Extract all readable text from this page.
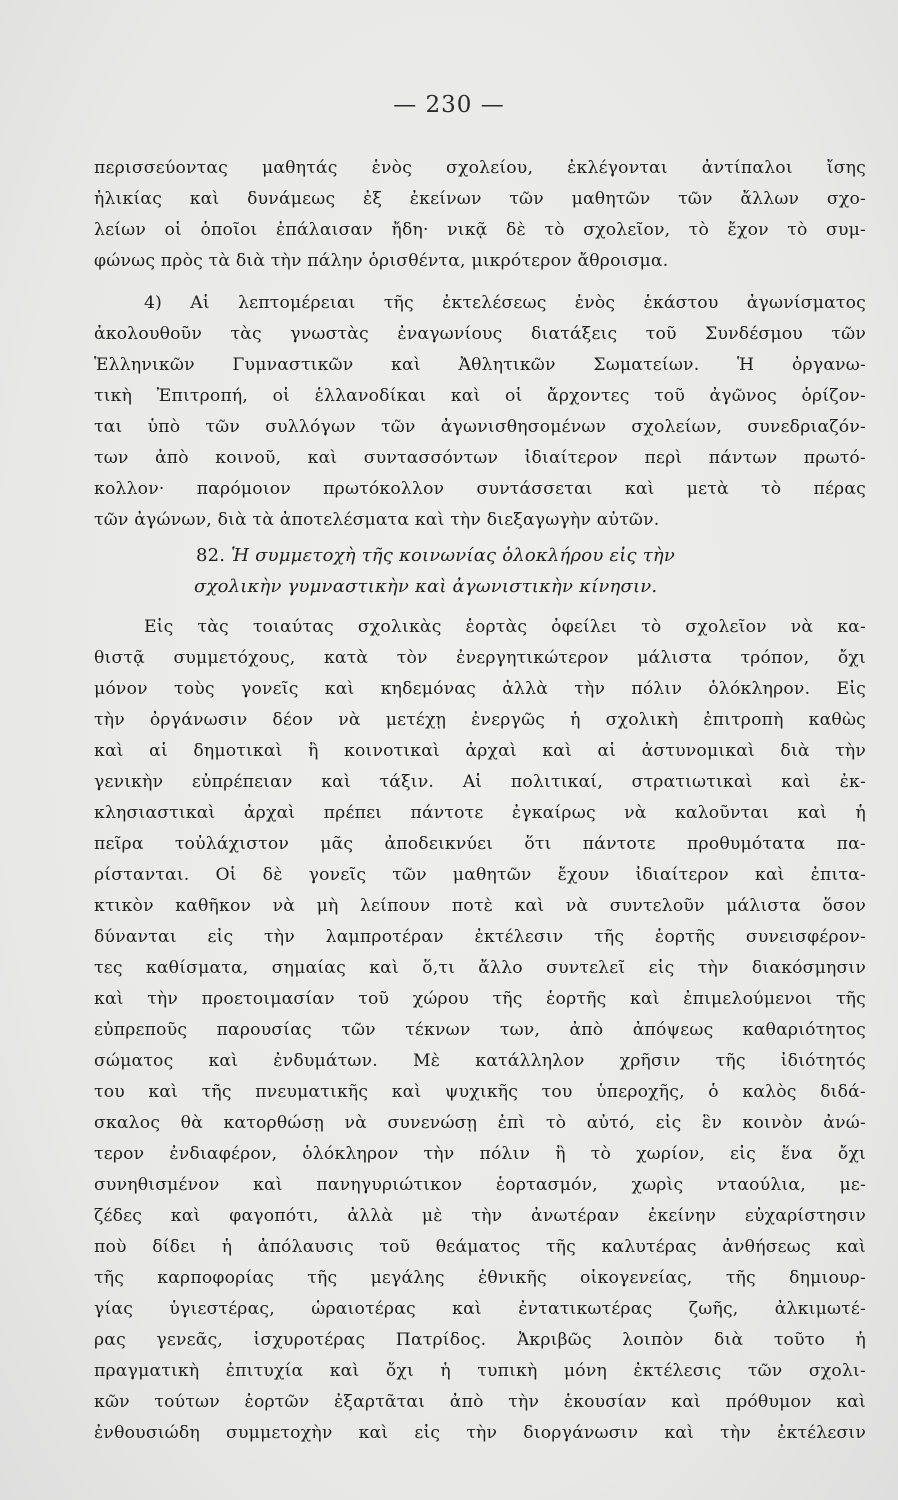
— 230 —
περισσεύοντας μαθητάς ἑνὸς σχολείου, ἐκλέγονται ἀντίπαλοι ἴσης
ἡλικίας καὶ δυνάμεως ἐξ ἐκείνων τῶν μαθητῶν τῶν ἄλλων σχο-
λείων οἱ ὁποῖοι ἐπάλαισαν ἤδη· νικᾷ δὲ τὸ σχολεῖον, τὸ ἔχον τὸ συμ-
φώνως πρὸς τὰ διὰ τὴν πάλην ὁρισθέντα, μικρότερον ἄθροισμα.
4) Αἱ λεπτομέρειαι τῆς ἐκτελέσεως ἑνὸς ἑκάστου ἀγωνίσματος
ἀκολουθοῦν τὰς γνωστὰς ἐναγωνίους διατάξεις τοῦ Συνδέσμου τῶν
Ἑλληνικῶν Γυμναστικῶν καὶ Ἀθλητικῶν Σωματείων. Ἡ ὀργανω-
τικὴ Ἐπιτροπή, οἱ ἑλλανοδίκαι καὶ οἱ ἄρχοντες τοῦ ἀγῶνος ὁρίζον-
ται ὑπὸ τῶν συλλόγων τῶν ἀγωνισθησομένων σχολείων, συνεδριαζόν-
των ἀπὸ κοινοῦ, καὶ συντασσόντων ἰδιαίτερον περὶ πάντων πρωτό-
κολλον· παρόμοιον πρωτόκολλον συντάσσεται καὶ μετὰ τὸ πέρας
τῶν ἀγώνων, διὰ τὰ ἀποτελέσματα καὶ τὴν διεξαγωγὴν αὐτῶν.
82. Ἡ συμμετοχὴ τῆς κοινωνίας ὁλοκλήρου εἰς τὴν
σχολικὴν γυμναστικὴν καὶ ἀγωνιστικὴν κίνησιν.
Εἰς τὰς τοιαύτας σχολικὰς ἑορτὰς ὀφείλει τὸ σχολεῖον νὰ κα-
θιστᾷ συμμετόχους, κατὰ τὸν ἐνεργητικώτερον μάλιστα τρόπον, ὄχι
μόνον τοὺς γονεῖς καὶ κηδεμόνας ἀλλὰ τὴν πόλιν ὁλόκληρον. Εἰς
τὴν ὀργάνωσιν δέον νὰ μετέχῃ ἐνεργῶς ἡ σχολικὴ ἐπιτροπὴ καθὼς
καὶ αἱ δημοτικαὶ ἢ κοινοτικαὶ ἀρχαὶ καὶ αἱ ἀστυνομικαὶ διὰ τὴν
γενικὴν εὐπρέπειαν καὶ τάξιν. Αἱ πολιτικαί, στρατιωτικαὶ καὶ ἐκ-
κλησιαστικαὶ ἀρχαὶ πρέπει πάντοτε ἐγκαίρως νὰ καλοῦνται καὶ ἡ
πεῖρα τοὐλάχιστον μᾶς ἀποδεικνύει ὅτι πάντοτε προθυμότατα πα-
ρίστανται. Οἱ δὲ γονεῖς τῶν μαθητῶν ἔχουν ἰδιαίτερον καὶ ἐπιτα-
κτικὸν καθῆκον νὰ μὴ λείπουν ποτὲ καὶ νὰ συντελοῦν μάλιστα ὅσον
δύνανται εἰς τὴν λαμπροτέραν ἐκτέλεσιν τῆς ἑορτῆς συνεισφέρον-
τες καθίσματα, σημαίας καὶ ὅ,τι ἄλλο συντελεῖ εἰς τὴν διακόσμησιν
καὶ τὴν προετοιμασίαν τοῦ χώρου τῆς ἑορτῆς καὶ ἐπιμελούμενοι τῆς
εὐπρεποῦς παρουσίας τῶν τέκνων των, ἀπὸ ἀπόψεως καθαριότητος
σώματος καὶ ἐνδυμάτων. Μὲ κατάλληλον χρῆσιν τῆς ἰδιότητός
του καὶ τῆς πνευματικῆς καὶ ψυχικῆς του ὑπεροχῆς, ὁ καλὸς διδά-
σκαλος θὰ κατορθώσῃ νὰ συνενώσῃ ἐπὶ τὸ αὐτό, εἰς ἓν κοινὸν ἀνώ-
τερον ἐνδιαφέρον, ὁλόκληρον τὴν πόλιν ἢ τὸ χωρίον, εἰς ἕνα ὄχι
συνηθισμένον καὶ πανηγυριώτικον ἑορτασμόν, χωρὶς νταούλια, με-
ζέδες καὶ φαγοπότι, ἀλλὰ μὲ τὴν ἀνωτέραν ἐκείνην εὐχαρίστησιν
ποὺ δίδει ἡ ἀπόλαυσις τοῦ θεάματος τῆς καλυτέρας ἀνθήσεως καὶ
τῆς καρποφορίας τῆς μεγάλης ἐθνικῆς οἰκογενείας, τῆς δημιουρ-
γίας ὑγιεστέρας, ὡραιοτέρας καὶ ἐντατικωτέρας ζωῆς, ἀλκιμωτέ-
ρας γενεᾶς, ἰσχυροτέρας Πατρίδος. Ἀκριβῶς λοιπὸν διὰ τοῦτο ἡ
πραγματικὴ ἐπιτυχία καὶ ὄχι ἡ τυπικὴ μόνη ἐκτέλεσις τῶν σχολι-
κῶν τούτων ἑορτῶν ἐξαρτᾶται ἀπὸ τὴν ἑκουσίαν καὶ πρόθυμον καὶ
ἐνθουσιώδη συμμετοχὴν καὶ εἰς τὴν διοργάνωσιν καὶ τὴν ἐκτέλεσιν
